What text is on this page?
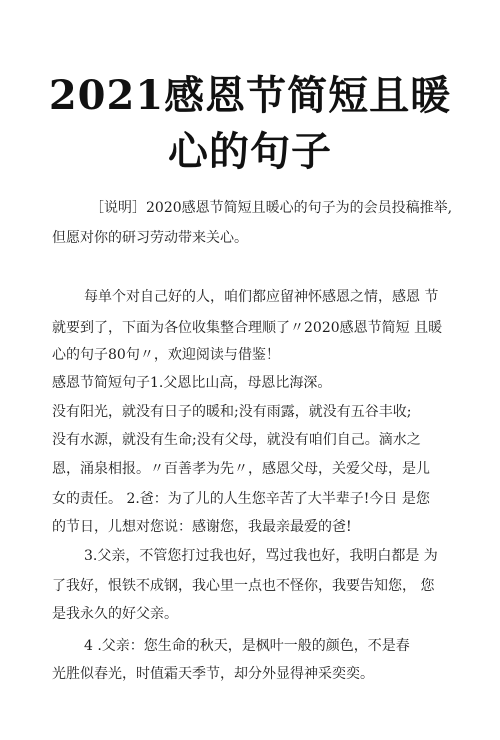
2021感恩节简短且暖
心的句子
［说明］2020感恩节简短且暖心的句子为的会员投稿推举,
但愿对你的研习劳动带来关心。
每单个对自己好的人，咱们都应留神怀感恩之情，感恩 节
就要到了，下面为各位收集整合理顺了〃2020感恩节简短 且暖
心的句子80句〃，欢迎阅读与借鉴！
感恩节简短句子1.父恩比山高，母恩比海深。
没有阳光，就没有日子的暖和;没有雨露，就没有五谷丰收;
没有水源，就没有生命;没有父母，就没有咱们自己。滴水之
恩，涌泉相报。〃百善孝为先〃，感恩父母，关爱父母，是儿
女的责任。 2.爸：为了儿的人生您辛苦了大半辈子!今日 是您
的节日，儿想对您说：感谢您，我最亲最爱的爸!
3.父亲，不管您打过我也好，骂过我也好，我明白都是 为
了我好，恨铁不成钢，我心里一点也不怪你，我要告知您， 您
是我永久的好父亲。
4 .父亲：您生命的秋天，是枫叶一般的颜色，不是春
光胜似春光，时值霜天季节，却分外显得神采奕奕。
